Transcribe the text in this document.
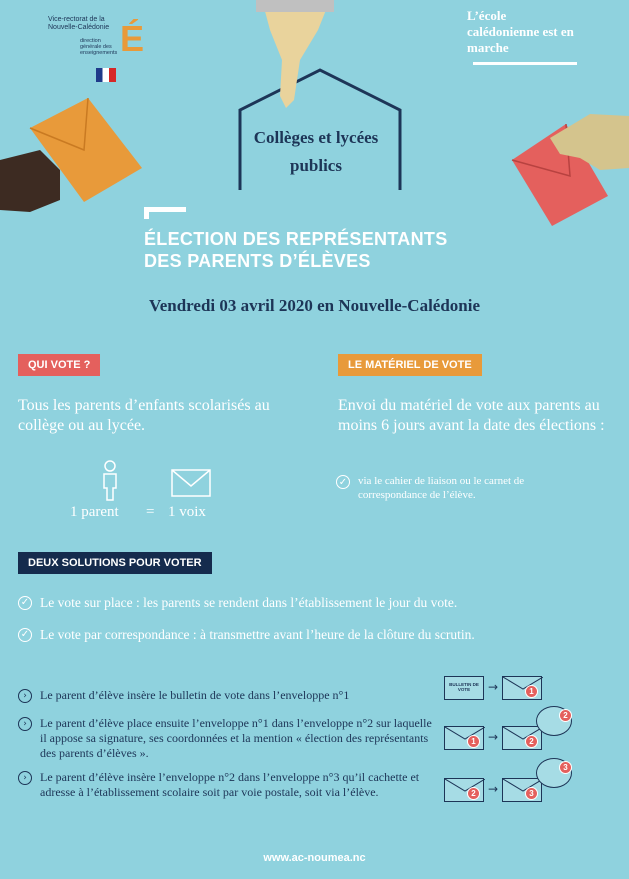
Vice-rectorat de la Nouvelle-Calédonie
direction générale des enseignements É
L’école calédonienne est en marche
Collèges et lycées publics
ÉLECTION DES REPRÉSENTANTS
DES PARENTS D’ÉLÈVES
Vendredi 03 avril 2020 en Nouvelle-Calédonie
QUI VOTE ?
Tous les parents d’enfants scolarisés au collège ou au lycée.
1 parent = 1 voix
LE MATÉRIEL DE VOTE
Envoi du matériel de vote aux parents au moins 6 jours avant la date des élections :
✓ via le cahier de liaison ou le carnet de correspondance de l’élève.
DEUX SOLUTIONS POUR VOTER
✓ Le vote sur place : les parents se rendent dans l’établissement le jour du vote.
✓ Le vote par correspondance : à transmettre avant l’heure de la clôture du scrutin.
›	Le parent d’élève insère le bulletin de vote dans l’enveloppe n°1
›	Le parent d’élève place ensuite l’enveloppe n°1 dans l’enveloppe n°2 sur laquelle il appose sa signature, ses coordonnées et la mention « élection des représentants des parents d’élèves ».
›	Le parent d’élève insère l’enveloppe n°2 dans l’enveloppe n°3 qu’il cachette et adresse à l’établissement scolaire soit par voie postale, soit via l’élève.
BULLETIN DE VOTE	→	1
1	→	2
2
2	→	3
3
www.ac-noumea.nc
